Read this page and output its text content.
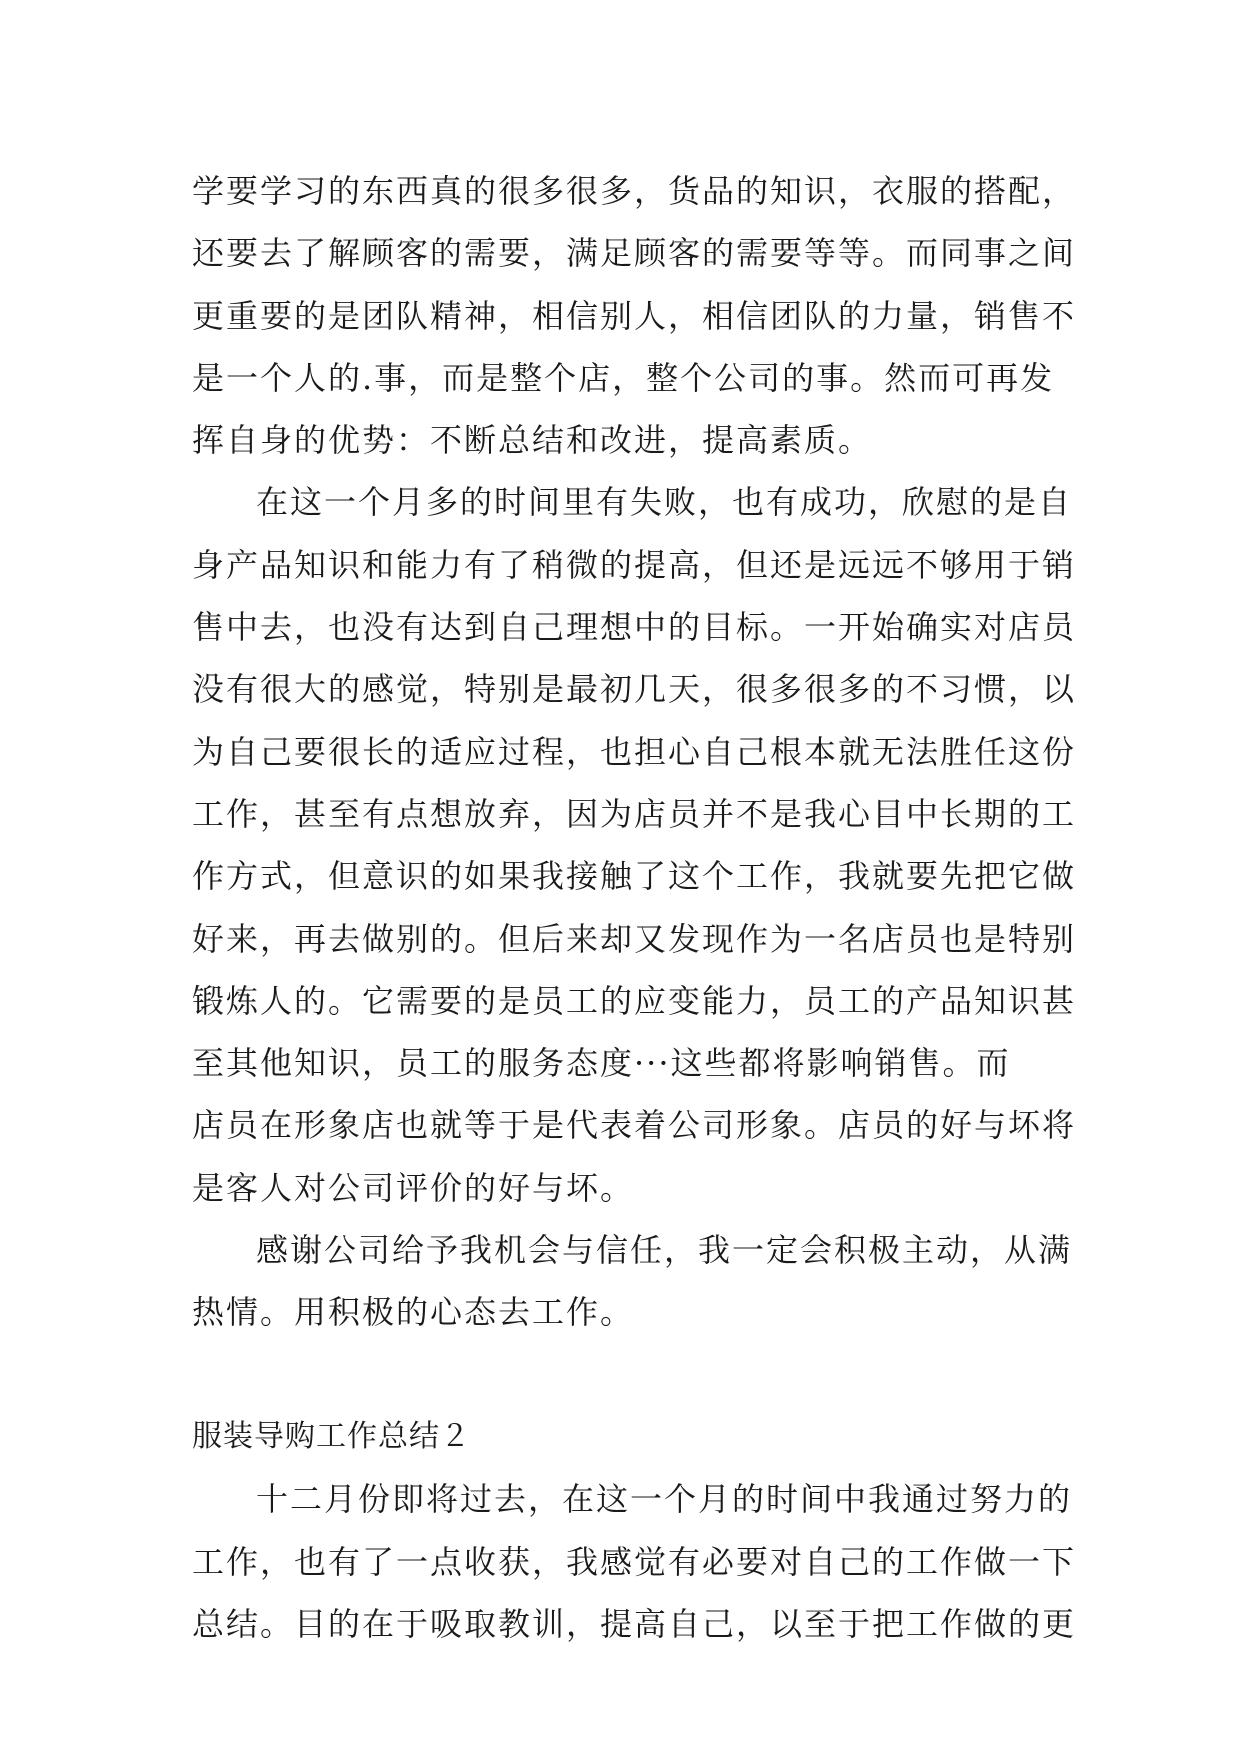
学要学习的东西真的很多很多，货品的知识，衣服的搭配，
还要去了解顾客的需要，满足顾客的需要等等。而同事之间
更重要的是团队精神，相信别人，相信团队的力量，销售不
是一个人的.事，而是整个店，整个公司的事。然而可再发
挥自身的优势：不断总结和改进，提高素质。
在这一个月多的时间里有失败，也有成功，欣慰的是自
身产品知识和能力有了稍微的提高，但还是远远不够用于销
售中去，也没有达到自己理想中的目标。一开始确实对店员
没有很大的感觉，特别是最初几天，很多很多的不习惯，以
为自己要很长的适应过程，也担心自己根本就无法胜任这份
工作，甚至有点想放弃，因为店员并不是我心目中长期的工
作方式，但意识的如果我接触了这个工作，我就要先把它做
好来，再去做别的。但后来却又发现作为一名店员也是特别
锻炼人的。它需要的是员工的应变能力，员工的产品知识甚
至其他知识，员工的服务态度···这些都将影响销售。而
店员在形象店也就等于是代表着公司形象。店员的好与坏将
是客人对公司评价的好与坏。
感谢公司给予我机会与信任，我一定会积极主动，从满
热情。用积极的心态去工作。
服装导购工作总结２
十二月份即将过去，在这一个月的时间中我通过努力的
工作，也有了一点收获，我感觉有必要对自己的工作做一下
总结。目的在于吸取教训，提高自己，以至于把工作做的更
